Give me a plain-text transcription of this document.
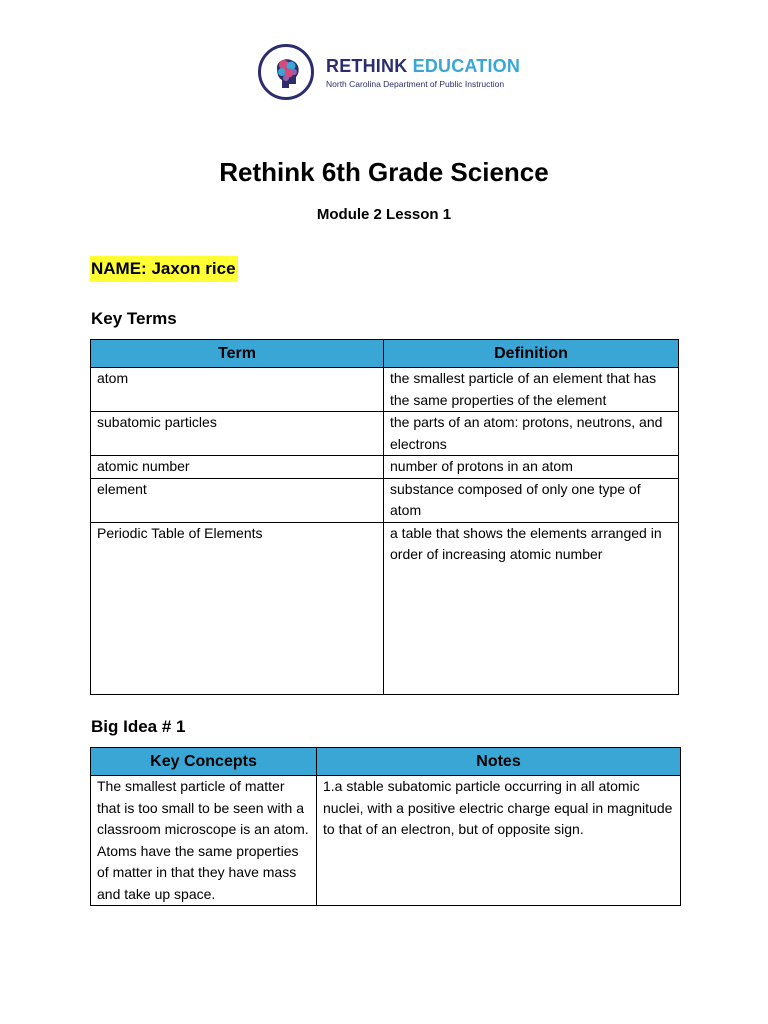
RETHINK EDUCATION
North Carolina Department of Public Instruction
Rethink 6th Grade Science
Module 2 Lesson 1
NAME: Jaxon rice
Key Terms
Term	Definition
atom	the smallest particle of an element that has the same properties of the element
subatomic particles	the parts of an atom: protons, neutrons, and electrons
atomic number	number of protons in an atom
element	substance composed of only one type of atom
Periodic Table of Elements	a table that shows the elements arranged in order of increasing atomic number
Big Idea # 1
Key Concepts	Notes
The smallest particle of matter that is too small to be seen with a classroom microscope is an atom. Atoms have the same properties of matter in that they have mass and take up space.	1.a stable subatomic particle occurring in all atomic nuclei, with a positive electric charge equal in magnitude to that of an electron, but of opposite sign.
